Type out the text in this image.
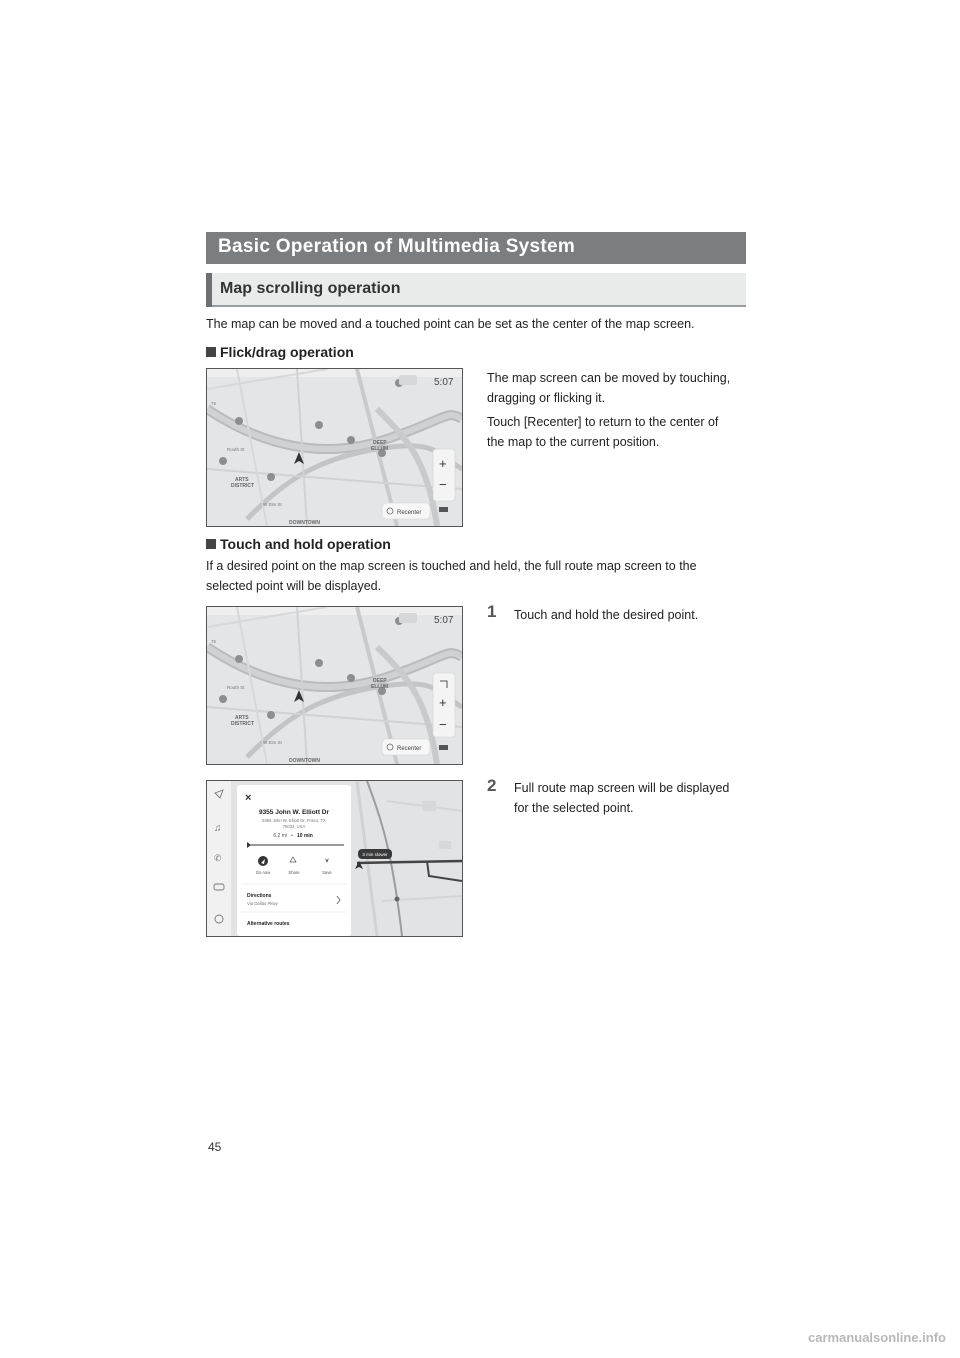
Basic Operation of Multimedia System
Map scrolling operation
The map can be moved and a touched point can be set as the center of the map screen.
Flick/drag operation
DEEP
ELLUM
ARTS
DISTRICT
DOWNTOWN
Routh St
W Elm St
75
5:07
+
−
Recenter
The map screen can be moved by touching,
dragging or flicking it.
Touch [Recenter] to return to the center of
the map to the current position.
Touch and hold operation
If a desired point on the map screen is touched and held, the full route map screen to the
selected point will be displayed.
DEEP
ELLUM
ARTS
DISTRICT
DOWNTOWN
Routh St
W Elm St
75
5:07
+
−
Recenter
1 Touch and hold the desired point.
♫
✆
×
9355 John W. Elliott Dr
9355 John W. Elliott Dr, Frisco, TX
75033, USA
6.2 mi • 10 min
Go now	Share	Save
Directions
Via Dallas Pkwy
Alternative routes
3 min slower
2 Full route map screen will be displayed
for the selected point.
45
carmanualsonline.info
